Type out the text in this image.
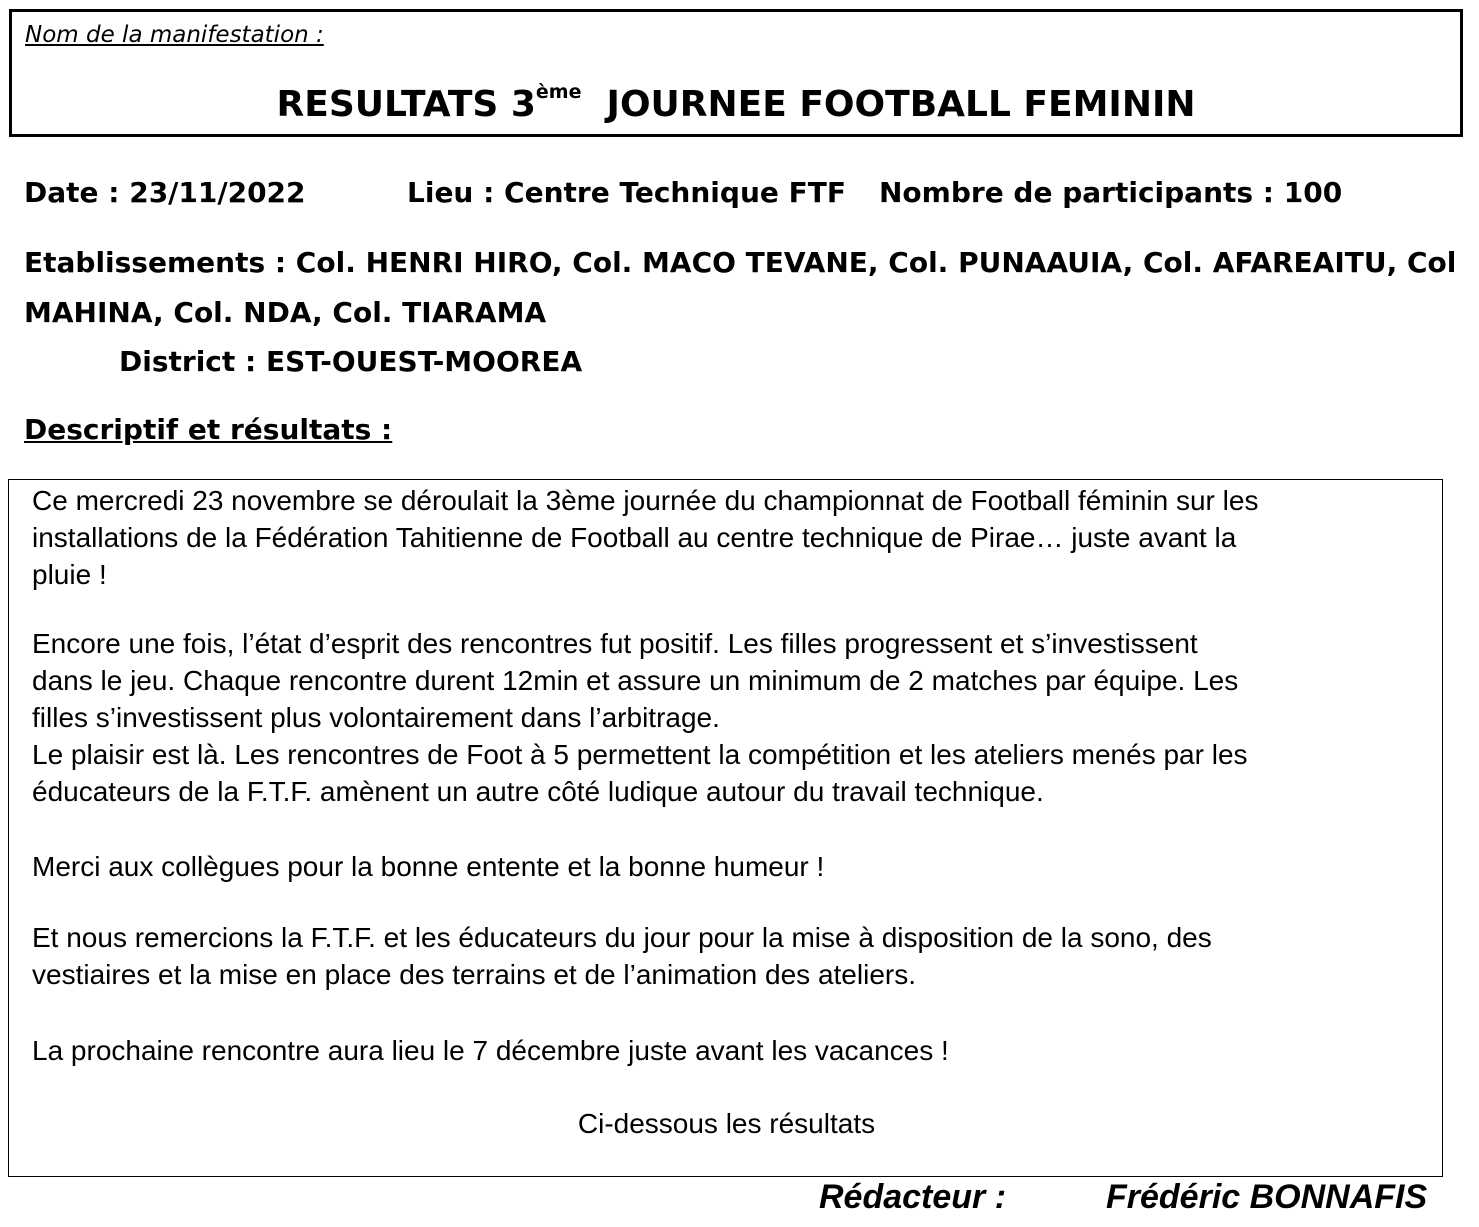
Nom de la manifestation :
RESULTATS 3ème JOURNEE FOOTBALL FEMININ
Date : 23/11/2022	Lieu : Centre Technique FTF Nombre de participants : 100
Etablissements : Col. HENRI HIRO, Col. MACO TEVANE, Col. PUNAAUIA, Col. AFAREAITU, Col
MAHINA, Col. NDA, Col. TIARAMA
District : EST-OUEST-MOOREA
Descriptif et résultats :
Ce mercredi 23 novembre se déroulait la 3ème journée du championnat de Football féminin sur les
installations de la Fédération Tahitienne de Football au centre technique de Pirae… juste avant la
pluie !
Encore une fois, l’état d’esprit des rencontres fut positif. Les filles progressent et s’investissent
dans le jeu. Chaque rencontre durent 12min et assure un minimum de 2 matches par équipe. Les
filles s’investissent plus volontairement dans l’arbitrage.
Le plaisir est là. Les rencontres de Foot à 5 permettent la compétition et les ateliers menés par les
éducateurs de la F.T.F. amènent un autre côté ludique autour du travail technique.
Merci aux collègues pour la bonne entente et la bonne humeur !
Et nous remercions la F.T.F. et les éducateurs du jour pour la mise à disposition de la sono, des
vestiaires et la mise en place des terrains et de l’animation des ateliers.
La prochaine rencontre aura lieu le 7 décembre juste avant les vacances !
Ci-dessous les résultats
Rédacteur :	Frédéric BONNAFIS
